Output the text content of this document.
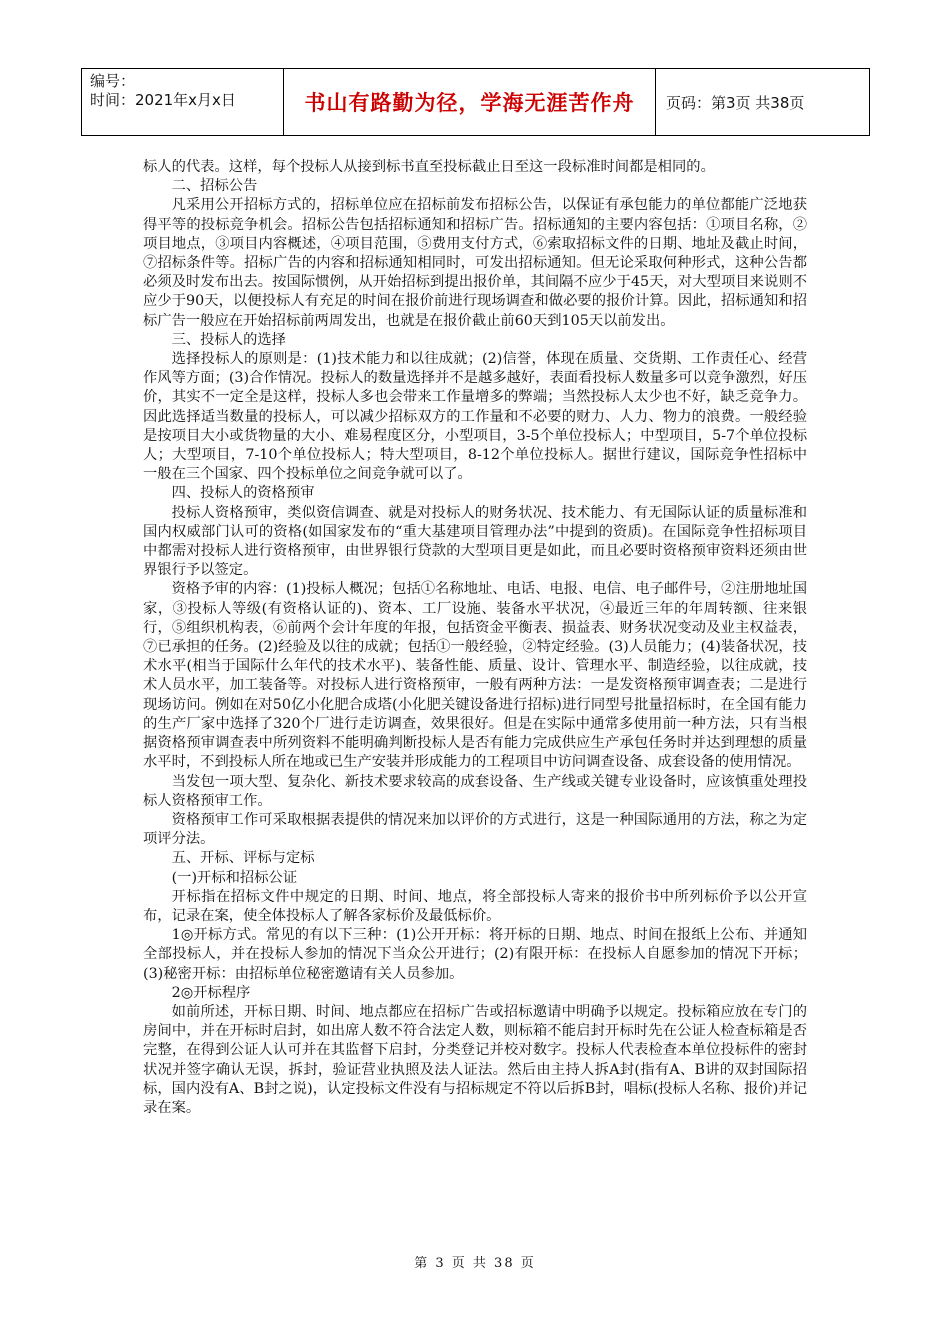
编号：
时间：2021年x月x日	书山有路勤为径，学海无涯苦作舟	页码：第3页 共38页

标人的代表。这样，每个投标人从接到标书直至投标截止日至这一段标准时间都是相同的。

二、招标公告

凡采用公开招标方式的，招标单位应在招标前发布招标公告，以保证有承包能力的单位都能广泛地获得平等的投标竞争机会。招标公告包括招标通知和招标广告。招标通知的主要内容包括：①项目名称，②项目地点，③项目内容概述，④项目范围，⑤费用支付方式，⑥索取招标文件的日期、地址及截止时间，⑦招标条件等。招标广告的内容和招标通知相同时，可发出招标通知。但无论采取何种形式，这种公告都必须及时发布出去。按国际惯例，从开始招标到提出报价单，其间隔不应少于45天，对大型项目来说则不应少于90天，以便投标人有充足的时间在报价前进行现场调查和做必要的报价计算。因此，招标通知和招标广告一般应在开始招标前两周发出，也就是在报价截止前60天到105天以前发出。

三、投标人的选择

选择投标人的原则是：(1)技术能力和以往成就；(2)信誉，体现在质量、交货期、工作责任心、经营作风等方面；(3)合作情况。投标人的数量选择并不是越多越好，表面看投标人数量多可以竞争激烈，好压价，其实不一定全是这样，投标人多也会带来工作量增多的弊端；当然投标人太少也不好，缺乏竞争力。因此选择适当数量的投标人，可以减少招标双方的工作量和不必要的财力、人力、物力的浪费。一般经验是按项目大小或货物量的大小、难易程度区分，小型项目，3-5个单位投标人；中型项目，5-7个单位投标人；大型项目，7-10个单位投标人；特大型项目，8-12个单位投标人。据世行建议，国际竞争性招标中一般在三个国家、四个投标单位之间竞争就可以了。

四、投标人的资格预审

投标人资格预审，类似资信调查、就是对投标人的财务状况、技术能力、有无国际认证的质量标准和国内权威部门认可的资格(如国家发布的“重大基建项目管理办法”中提到的资质)。在国际竞争性招标项目中都需对投标人进行资格预审，由世界银行贷款的大型项目更是如此，而且必要时资格预审资料还须由世界银行予以签定。

资格予审的内容：(1)投标人概况；包括①名称地址、电话、电报、电信、电子邮件号，②注册地址国家，③投标人等级(有资格认证的)、资本、工厂设施、装备水平状况，④最近三年的年周转额、往来银行，⑤组织机构表，⑥前两个会计年度的年报，包括资金平衡表、损益表、财务状况变动及业主权益表，⑦已承担的任务。(2)经验及以往的成就；包括①一般经验，②特定经验。(3)人员能力；(4)装备状况，技术水平(相当于国际什么年代的技术水平)、装备性能、质量、设计、管理水平、制造经验，以往成就，技术人员水平，加工装备等。对投标人进行资格预审，一般有两种方法：一是发资格预审调查表；二是进行现场访问。例如在对50亿小化肥合成塔(小化肥关键设备进行招标)进行同型号批量招标时，在全国有能力的生产厂家中选择了320个厂进行走访调查，效果很好。但是在实际中通常多使用前一种方法，只有当根据资格预审调查表中所列资料不能明确判断投标人是否有能力完成供应生产承包任务时并达到理想的质量水平时，不到投标人所在地或已生产安装并形成能力的工程项目中访问调查设备、成套设备的使用情况。

当发包一项大型、复杂化、新技术要求较高的成套设备、生产线或关键专业设备时，应该慎重处理投标人资格预审工作。

资格预审工作可采取根据表提供的情况来加以评价的方式进行，这是一种国际通用的方法，称之为定项评分法。

五、开标、评标与定标

(一)开标和招标公证

开标指在招标文件中规定的日期、时间、地点，将全部投标人寄来的报价书中所列标价予以公开宣布，记录在案，使全体投标人了解各家标价及最低标价。

1◎开标方式。常见的有以下三种：(1)公开开标：将开标的日期、地点、时间在报纸上公布、并通知全部投标人，并在投标人参加的情况下当众公开进行；(2)有限开标：在投标人自愿参加的情况下开标；(3)秘密开标：由招标单位秘密邀请有关人员参加。

2◎开标程序

如前所述，开标日期、时间、地点都应在招标广告或招标邀请中明确予以规定。投标箱应放在专门的房间中，并在开标时启封，如出席人数不符合法定人数，则标箱不能启封开标时先在公证人检查标箱是否完整，在得到公证人认可并在其监督下启封，分类登记并校对数字。投标人代表检查本单位投标件的密封状况并签字确认无误，拆封，验证营业执照及法人证法。然后由主持人拆A封(指有A、B讲的双封国际招标，国内没有A、B封之说)，认定投标文件没有与招标规定不符以后拆B封，唱标(投标人名称、报价)并记录在案。

第 3 页 共 38 页
